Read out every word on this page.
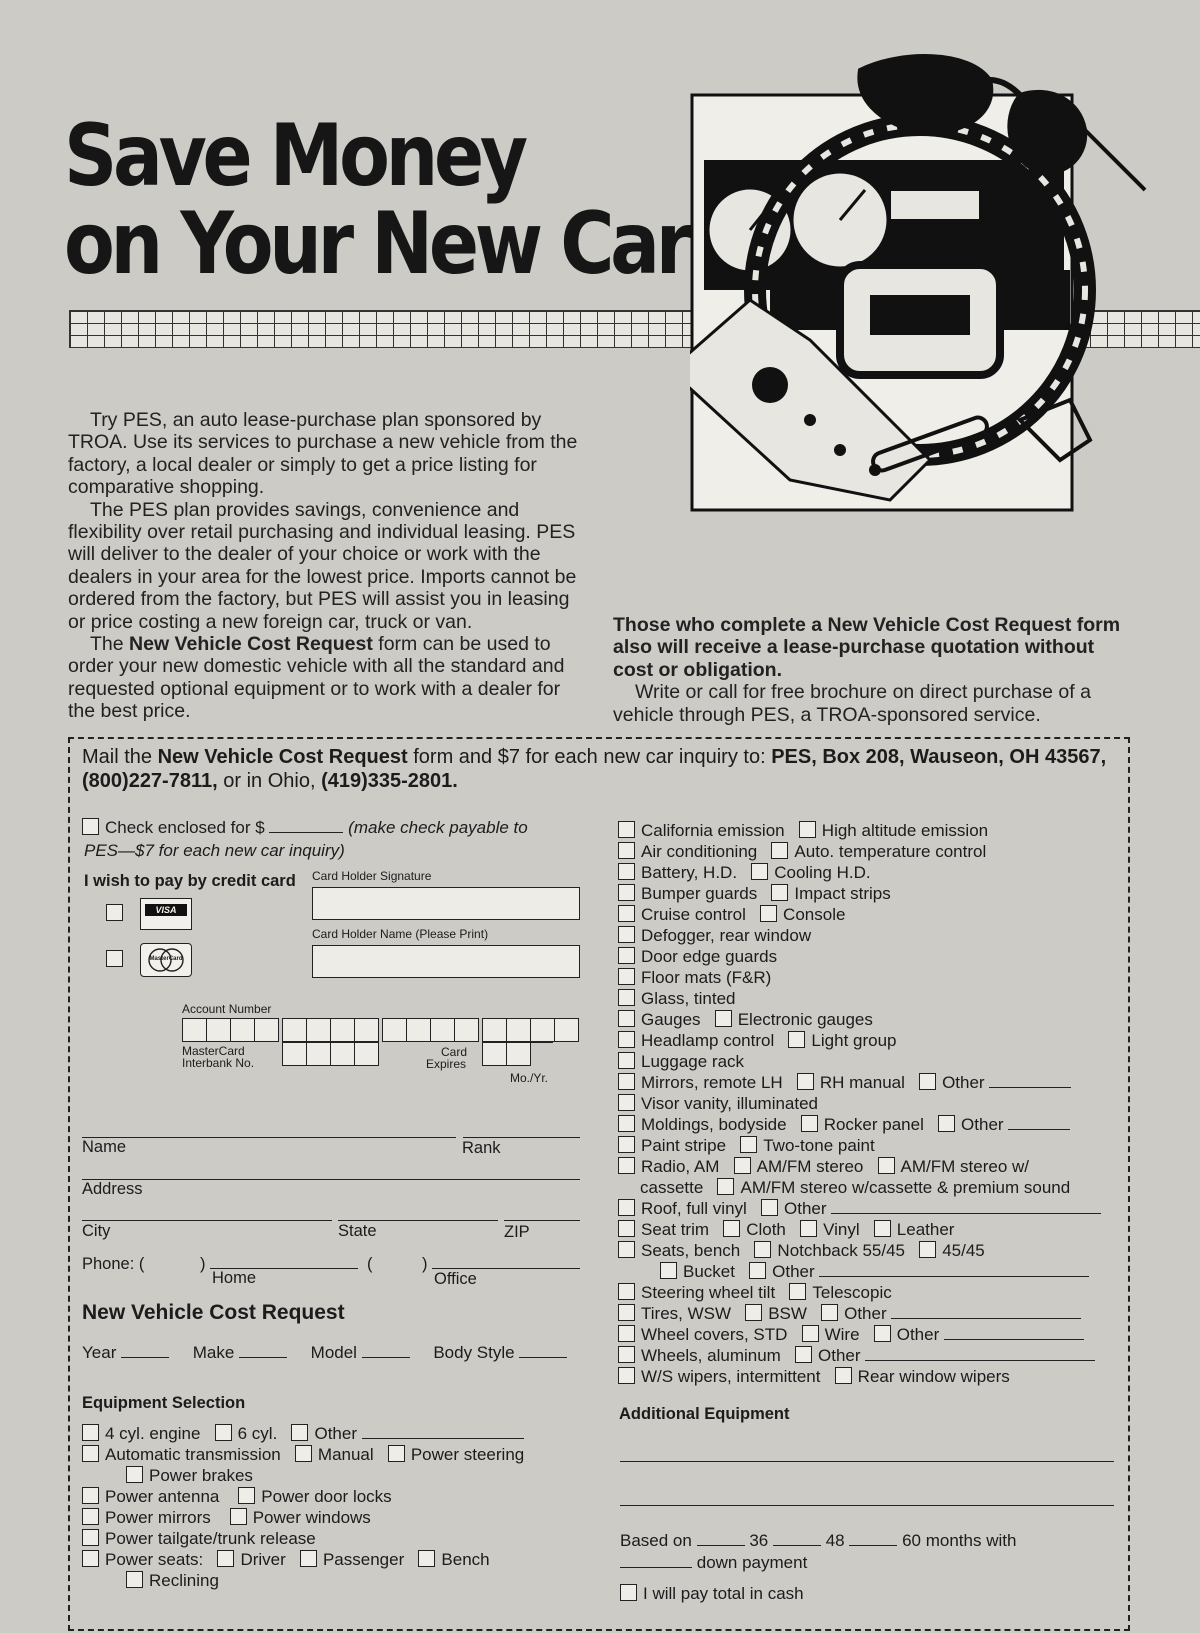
Save Money
on Your New Car

Try PES, an auto lease-purchase plan sponsored by TROA. Use its services to purchase a new vehicle from the factory, a local dealer or simply to get a price listing for comparative shopping.

The PES plan provides savings, convenience and flexibility over retail purchasing and individual leasing. PES will deliver to the dealer of your choice or work with the dealers in your area for the lowest price. Imports cannot be ordered from the factory, but PES will assist you in leasing or price costing a new foreign car, truck or van.

The New Vehicle Cost Request form can be used to order your new domestic vehicle with all the standard and requested optional equipment or to work with a dealer for the best price.

Those who complete a New Vehicle Cost Request form also will receive a lease-purchase quotation without cost or obligation.

Write or call for free brochure on direct purchase of a vehicle through PES, a TROA-sponsored service.

Mail the New Vehicle Cost Request form and $7 for each new car inquiry to: PES, Box 208, Wauseon, OH 43567, (800)227-7811, or in Ohio, (419)335-2801.
Check enclosed for $	(make check payable to
PES—$7 for each new car inquiry)
I wish to pay by credit card
VISA
MasterCard
Card Holder Signature
Card Holder Name (Please Print)
Account Number
MasterCard
Interbank No.
Card
Expires
Mo./Yr.
Name	Rank
Address
City	State	ZIP
Phone: (	)	(	)
Home	Office
New Vehicle Cost Request
Year	Make	Model	Body Style
Equipment Selection
4 cyl. engine 6 cyl. Other
Automatic transmission Manual Power steering
Power brakes
Power antenna Power door locks
Power mirrors Power windows
Power tailgate/trunk release
Power seats: Driver Passenger Bench
Reclining
California emission High altitude emission
Air conditioning Auto. temperature control
Battery, H.D. Cooling H.D.
Bumper guards Impact strips
Cruise control Console
Defogger, rear window
Door edge guards
Floor mats (F&R)
Glass, tinted
Gauges Electronic gauges
Headlamp control Light group
Luggage rack
Mirrors, remote LH RH manual Other
Visor vanity, illuminated
Moldings, bodyside Rocker panel Other
Paint stripe Two-tone paint
Radio, AM AM/FM stereo AM/FM stereo w/
cassette AM/FM stereo w/cassette & premium sound
Roof, full vinyl Other
Seat trim Cloth Vinyl Leather
Seats, bench Notchback 55/45 45/45
Bucket Other
Steering wheel tilt Telescopic
Tires, WSW BSW Other
Wheel covers, STD Wire Other
Wheels, aluminum Other
W/S wipers, intermittent Rear window wipers
Additional Equipment
Based on	36	48	60 months with
down payment
I will pay total in cash
